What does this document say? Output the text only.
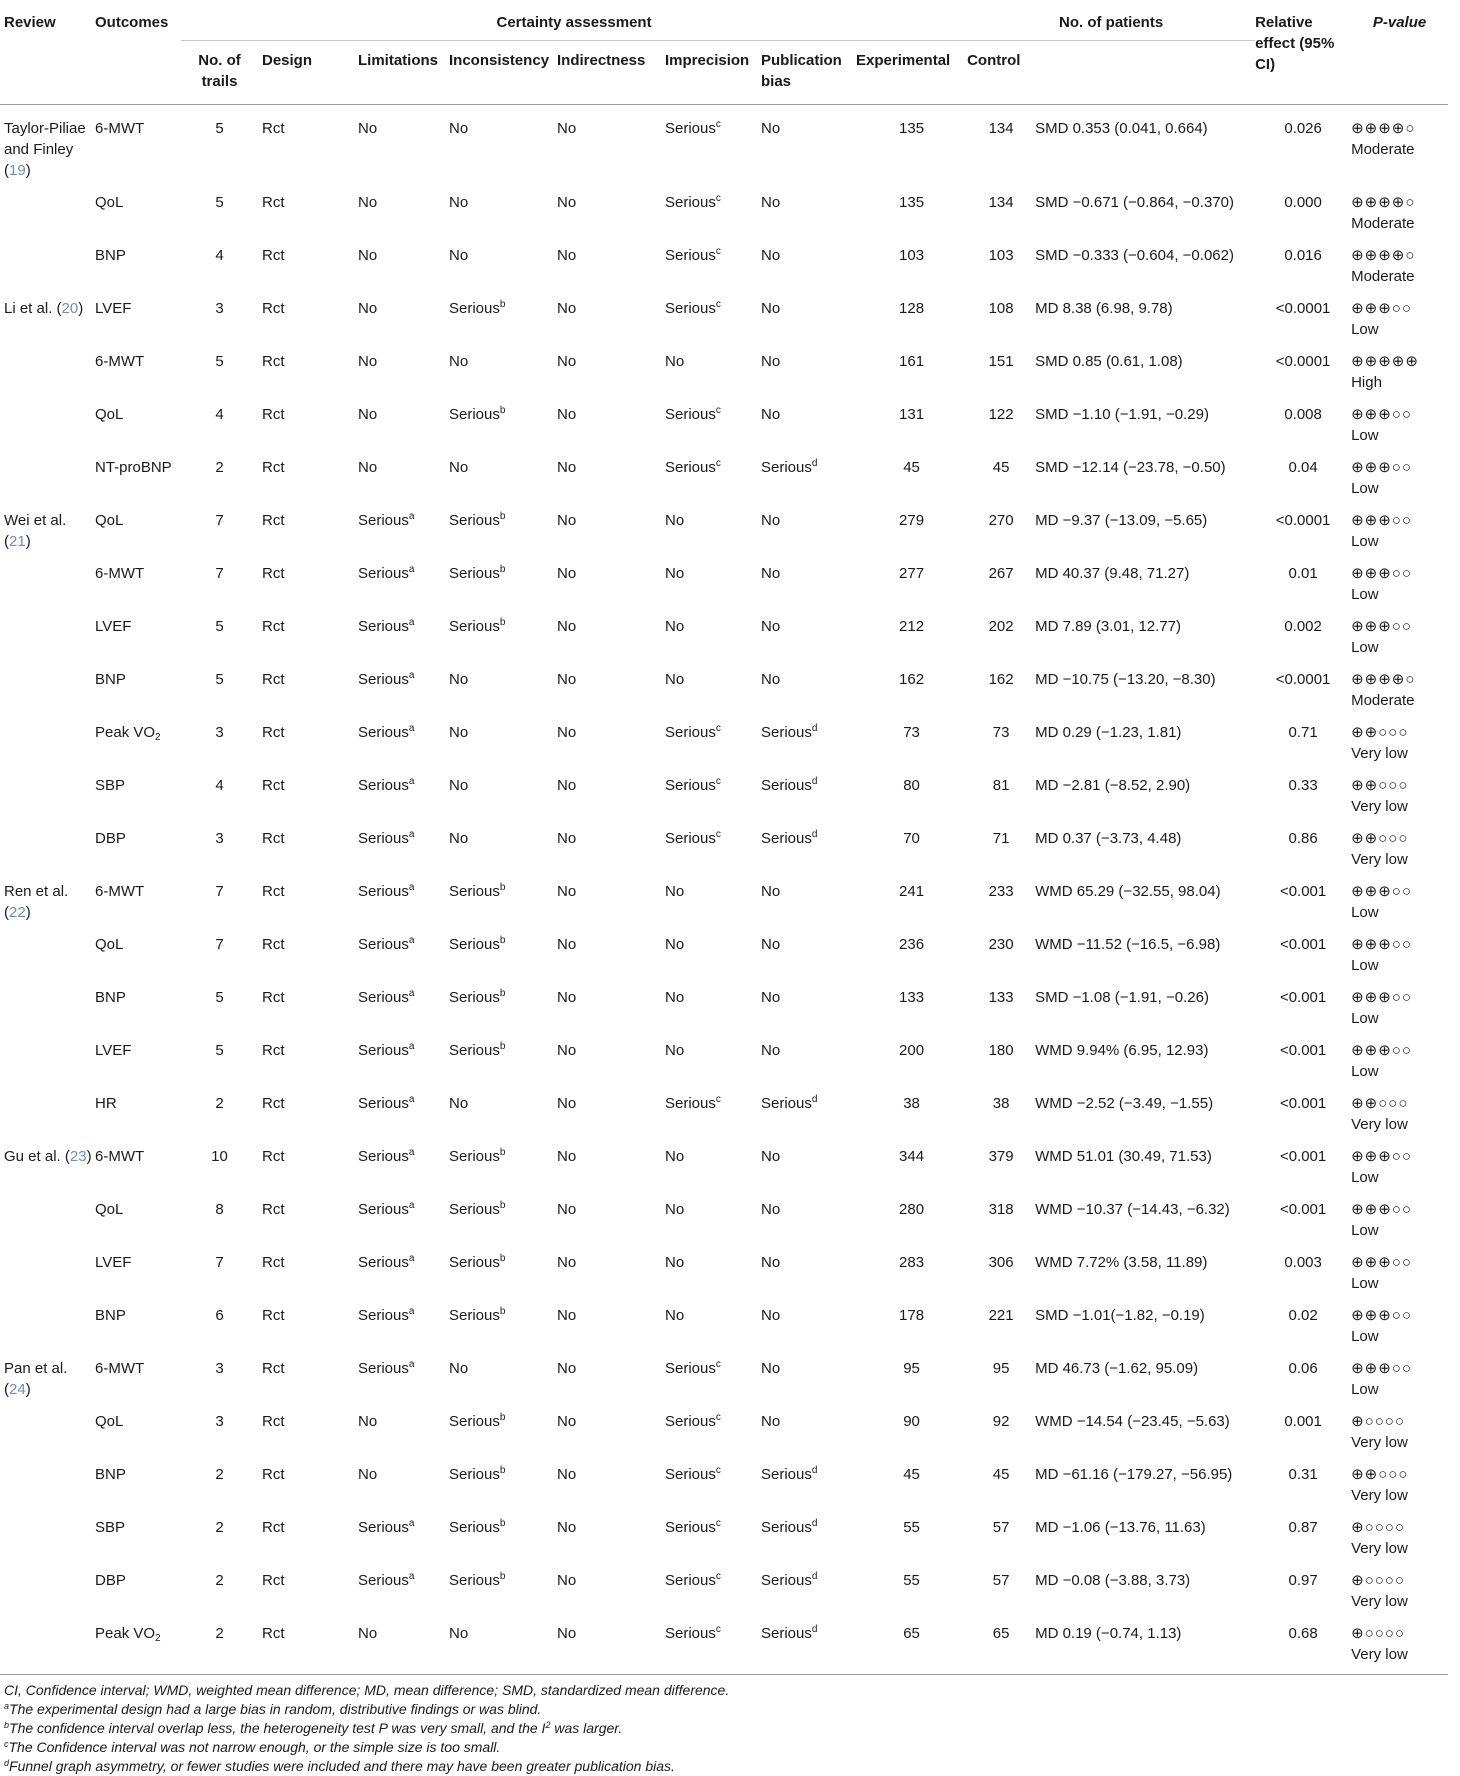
Review	Outcomes	Certainty assessment								No. of patients		Relative effect (95% CI)	P-value	
		No. of trails	Design	Limitations	Inconsistency	Indirectness	Imprecision	Publication bias	Experimental	Control				
Taylor-Piliae and Finley (19)	6-MWT	5	Rct	No	No	No	Serious$^c$	No	135	134	SMD 0.353 (0.041, 0.664)	0.026	⊕⊕⊕⊕○
Moderate	

	QoL	5	Rct	No	No	No	Serious$^c$	No	135	134	SMD −0.671 (−0.864, −0.370)	0.000	⊕⊕⊕⊕○
Moderate	

	BNP	4	Rct	No	No	No	Serious$^c$	No	103	103	SMD −0.333 (−0.604, −0.062)	0.016	⊕⊕⊕⊕○
Moderate	

Li et al. (20)	LVEF	3	Rct	No	Serious$^b$	No	Serious$^c$	No	128	108	MD 8.38 (6.98, 9.78)	<0.0001	⊕⊕⊕○○
Low	

	6-MWT	5	Rct	No	No	No	No	No	161	151	SMD 0.85 (0.61, 1.08)	<0.0001	⊕⊕⊕⊕⊕
High	

	QoL	4	Rct	No	Serious$^b$	No	Serious$^c$	No	131	122	SMD −1.10 (−1.91, −0.29)	0.008	⊕⊕⊕○○
Low	

	NT-proBNP	2	Rct	No	No	No	Serious$^c$	Serious$^d$	45	45	SMD −12.14 (−23.78, −0.50)	0.04	⊕⊕⊕○○
Low	

Wei et al. (21)	QoL	7	Rct	Serious$^a$	Serious$^b$	No	No	No	279	270	MD −9.37 (−13.09, −5.65)	<0.0001	⊕⊕⊕○○
Low	

	6-MWT	7	Rct	Serious$^a$	Serious$^b$	No	No	No	277	267	MD 40.37 (9.48, 71.27)	0.01	⊕⊕⊕○○
Low	

	LVEF	5	Rct	Serious$^a$	Serious$^b$	No	No	No	212	202	MD 7.89 (3.01, 12.77)	0.002	⊕⊕⊕○○
Low	

	BNP	5	Rct	Serious$^a$	No	No	No	No	162	162	MD −10.75 (−13.20, −8.30)	<0.0001	⊕⊕⊕⊕○
Moderate	

	Peak $VO_2$	3	Rct	Serious$^a$	No	No	Serious$^c$	Serious$^d$	73	73	MD 0.29 (−1.23, 1.81)	0.71	⊕⊕○○○
Very low	

	SBP	4	Rct	Serious$^a$	No	No	Serious$^c$	Serious$^d$	80	81	MD −2.81 (−8.52, 2.90)	0.33	⊕⊕○○○
Very low	

	DBP	3	Rct	Serious$^a$	No	No	Serious$^c$	Serious$^d$	70	71	MD 0.37 (−3.73, 4.48)	0.86	⊕⊕○○○
Very low	

Ren et al. (22)	6-MWT	7	Rct	Serious$^a$	Serious$^b$	No	No	No	241	233	WMD 65.29 (−32.55, 98.04)	<0.001	⊕⊕⊕○○
Low	

	QoL	7	Rct	Serious$^a$	Serious$^b$	No	No	No	236	230	WMD −11.52 (−16.5, −6.98)	<0.001	⊕⊕⊕○○
Low	

	BNP	5	Rct	Serious$^a$	Serious$^b$	No	No	No	133	133	SMD −1.08 (−1.91, −0.26)	<0.001	⊕⊕⊕○○
Low	

	LVEF	5	Rct	Serious$^a$	Serious$^b$	No	No	No	200	180	WMD 9.94% (6.95, 12.93)	<0.001	⊕⊕⊕○○
Low	

	HR	2	Rct	Serious$^a$	No	No	Serious$^c$	Serious$^d$	38	38	WMD −2.52 (−3.49, −1.55)	<0.001	⊕⊕○○○
Very low	

Gu et al. (23)	6-MWT	10	Rct	Serious$^a$	Serious$^b$	No	No	No	344	379	WMD 51.01 (30.49, 71.53)	<0.001	⊕⊕⊕○○
Low	

	QoL	8	Rct	Serious$^a$	Serious$^b$	No	No	No	280	318	WMD −10.37 (−14.43, −6.32)	<0.001	⊕⊕⊕○○
Low	

	LVEF	7	Rct	Serious$^a$	Serious$^b$	No	No	No	283	306	WMD 7.72% (3.58, 11.89)	0.003	⊕⊕⊕○○
Low	

	BNP	6	Rct	Serious$^a$	Serious$^b$	No	No	No	178	221	SMD −1.01(−1.82, −0.19)	0.02	⊕⊕⊕○○
Low	

Pan et al. (24)	6-MWT	3	Rct	Serious$^a$	No	No	Serious$^c$	No	95	95	MD 46.73 (−1.62, 95.09)	0.06	⊕⊕⊕○○
Low	

	QoL	3	Rct	No	Serious$^b$	No	Serious$^c$	No	90	92	WMD −14.54 (−23.45, −5.63)	0.001	⊕○○○○
Very low	

	BNP	2	Rct	No	Serious$^b$	No	Serious$^c$	Serious$^d$	45	45	MD −61.16 (−179.27, −56.95)	0.31	⊕⊕○○○
Very low	

	SBP	2	Rct	Serious$^a$	Serious$^b$	No	Serious$^c$	Serious$^d$	55	57	MD −1.06 (−13.76, 11.63)	0.87	⊕○○○○
Very low	

	DBP	2	Rct	Serious$^a$	Serious$^b$	No	Serious$^c$	Serious$^d$	55	57	MD −0.08 (−3.88, 3.73)	0.97	⊕○○○○
Very low	

	Peak $VO_2$	2	Rct	No	No	No	Serious$^c$	Serious$^d$	65	65	MD 0.19 (−0.74, 1.13)	0.68	⊕○○○○
Very low	
CI, Confidence interval; WMD, weighted mean difference; MD, mean difference; SMD, standardized mean difference.
$^a$The experimental design had a large bias in random, distributive findings or was blind.
$^b$The confidence interval overlap less, the heterogeneity test P was very small, and the $I^2$ was larger.
$^c$The Confidence interval was not narrow enough, or the simple size is too small.
$^d$Funnel graph asymmetry, or fewer studies were included and there may have been greater publication bias.
